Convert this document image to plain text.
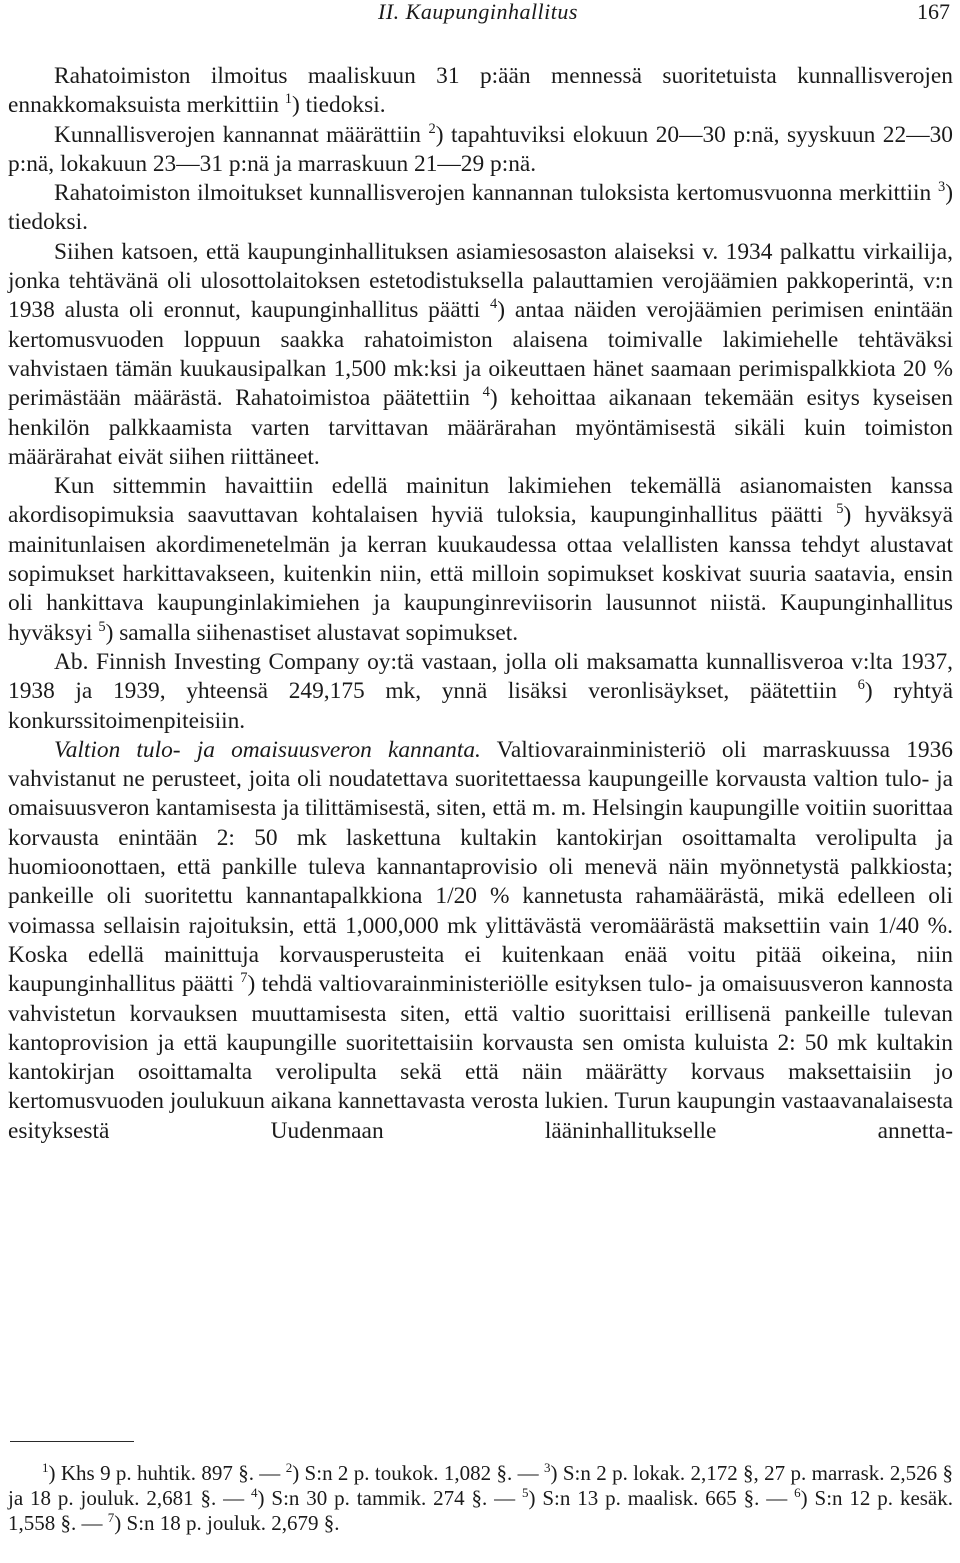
II. Kaupunginhallitus	167

Rahatoimiston ilmoitus maaliskuun 31 p:ään mennessä suoritetuista kunnallisverojen ennakkomaksuista merkittiin $^1$) tiedoksi.

Kunnallisverojen kannannat määrättiin $^2$) tapahtuviksi elokuun 20—30 p:nä, syyskuun 22—30 p:nä, lokakuun 23—31 p:nä ja marraskuun 21—29 p:nä.

Rahatoimiston ilmoitukset kunnallisverojen kannannan tuloksista kertomusvuonna merkittiin $^3$) tiedoksi.

Siihen katsoen, että kaupunginhallituksen asiamiesosaston alaiseksi v. 1934 palkattu virkailija, jonka tehtävänä oli ulosottolaitoksen estetodistuksella palauttamien verojäämien pakkoperintä, v:n 1938 alusta oli eronnut, kaupunginhallitus päätti $^4$) antaa näiden verojäämien perimisen enintään kertomusvuoden loppuun saakka rahatoimiston alaisena toimivalle lakimiehelle tehtäväksi vahvistaen tämän kuukausipalkan 1,500 mk:ksi ja oikeuttaen hänet saamaan perimispalkkiota 20 % perimästään määrästä. Rahatoimistoa päätettiin $^4$) kehoittaa aikanaan tekemään esitys kyseisen henkilön palkkaamista varten tarvittavan määrärahan myöntämisestä sikäli kuin toimiston määrärahat eivät siihen riittäneet.

Kun sittemmin havaittiin edellä mainitun lakimiehen tekemällä asianomaisten kanssa akordisopimuksia saavuttavan kohtalaisen hyviä tuloksia, kaupunginhallitus päätti $^5$) hyväksyä mainitunlaisen akordimenetelmän ja kerran kuukaudessa ottaa velallisten kanssa tehdyt alustavat sopimukset harkittavakseen, kuitenkin niin, että milloin sopimukset koskivat suuria saatavia, ensin oli hankittava kaupunginlakimiehen ja kaupunginreviisorin lausunnot niistä. Kaupunginhallitus hyväksyi $^5$) samalla siihenastiset alustavat sopimukset.

Ab. Finnish Investing Company oy:tä vastaan, jolla oli maksamatta kunnallisveroa v:lta 1937, 1938 ja 1939, yhteensä 249,175 mk, ynnä lisäksi veronlisäykset, päätettiin $^6$) ryhtyä konkurssitoimenpiteisiin.

Valtion tulo- ja omaisuusveron kannanta. Valtiovarainministeriö oli marraskuussa 1936 vahvistanut ne perusteet, joita oli noudatettava suoritettaessa kaupungeille korvausta valtion tulo- ja omaisuusveron kantamisesta ja tilittämisestä, siten, että m. m. Helsingin kaupungille voitiin suorittaa korvausta enintään 2: 50 mk laskettuna kultakin kantokirjan osoittamalta verolipulta ja huomioonottaen, että pankille tuleva kannantaprovisio oli menevä näin myönnetystä palkkiosta; pankeille oli suoritettu kannantapalkkiona 1/20 % kannetusta rahamäärästä, mikä edelleen oli voimassa sellaisin rajoituksin, että 1,000,000 mk ylittävästä veromäärästä maksettiin vain 1/40 %. Koska edellä mainittuja korvausperusteita ei kuitenkaan enää voitu pitää oikeina, niin kaupunginhallitus päätti $^7$) tehdä valtiovarainministeriölle esityksen tulo- ja omaisuusveron kannosta vahvistetun korvauksen muuttamisesta siten, että valtio suorittaisi erillisenä pankeille tulevan kantoprovision ja että kaupungille suoritettaisiin korvausta sen omista kuluista 2: 50 mk kultakin kantokirjan osoittamalta verolipulta sekä että näin määrätty korvaus maksettaisiin jo kertomusvuoden joulukuun aikana kannettavasta verosta lukien. Turun kaupungin vastaavanalaisesta esityksestä Uudenmaan lääninhallitukselle annetta-

$^1$) Khs 9 p. huhtik. 897 §. — $^2$) S:n 2 p. toukok. 1,082 §. — $^3$) S:n 2 p. lokak. 2,172 §, 27 p. marrask. 2,526 § ja 18 p. jouluk. 2,681 §. — $^4$) S:n 30 p. tammik. 274 §. — $^5$) S:n 13 p. maalisk. 665 §. — $^6$) S:n 12 p. kesäk. 1,558 §. — $^7$) S:n 18 p. jouluk. 2,679 §.
